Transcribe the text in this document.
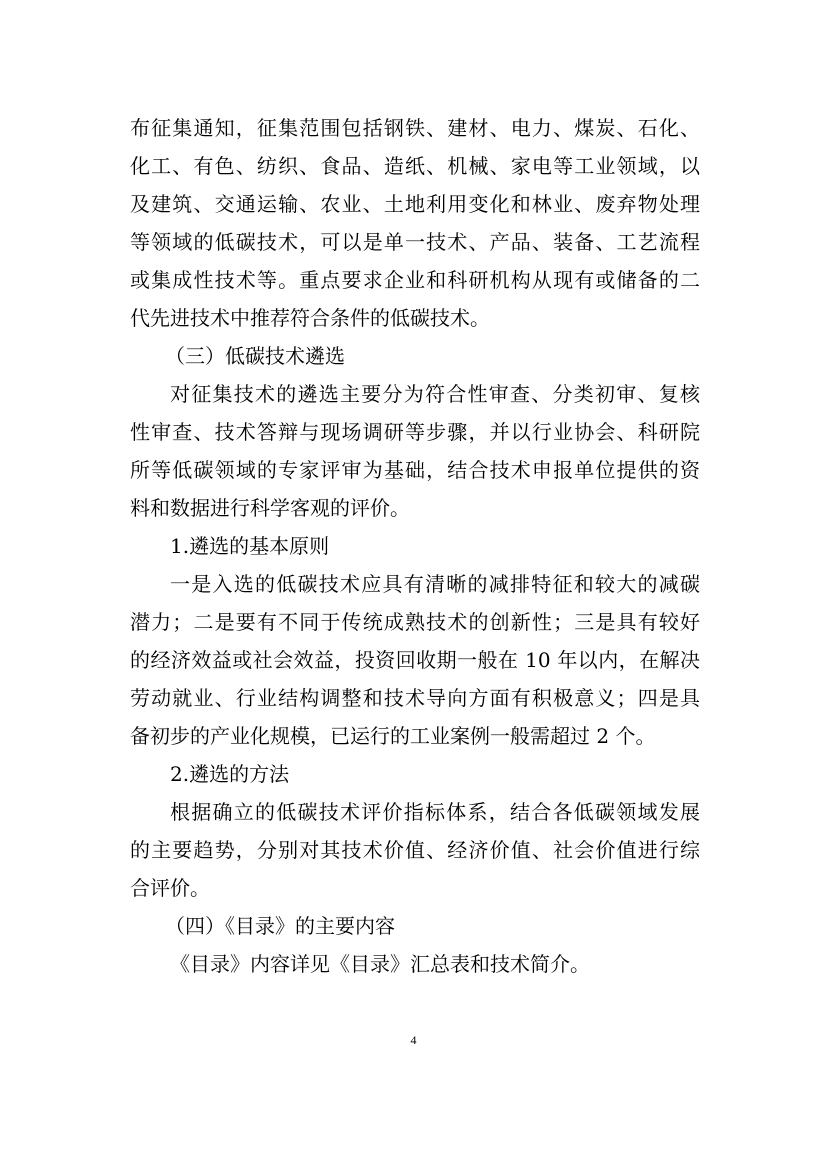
布征集通知，征集范围包括钢铁、建材、电力、煤炭、石化、
化工、有色、纺织、食品、造纸、机械、家电等工业领域，以
及建筑、交通运输、农业、土地利用变化和林业、废弃物处理
等领域的低碳技术，可以是单一技术、产品、装备、工艺流程
或集成性技术等。重点要求企业和科研机构从现有或储备的二
代先进技术中推荐符合条件的低碳技术。
（三）低碳技术遴选
对征集技术的遴选主要分为符合性审查、分类初审、复核
性审查、技术答辩与现场调研等步骤，并以行业协会、科研院
所等低碳领域的专家评审为基础，结合技术申报单位提供的资
料和数据进行科学客观的评价。
1.遴选的基本原则
一是入选的低碳技术应具有清晰的减排特征和较大的减碳
潜力；二是要有不同于传统成熟技术的创新性；三是具有较好
的经济效益或社会效益，投资回收期一般在 10 年以内，在解决
劳动就业、行业结构调整和技术导向方面有积极意义；四是具
备初步的产业化规模，已运行的工业案例一般需超过 2 个。
2.遴选的方法
根据确立的低碳技术评价指标体系，结合各低碳领域发展
的主要趋势，分别对其技术价值、经济价值、社会价值进行综
合评价。
（四）《目录》的主要内容
《目录》内容详见《目录》汇总表和技术简介。
4
